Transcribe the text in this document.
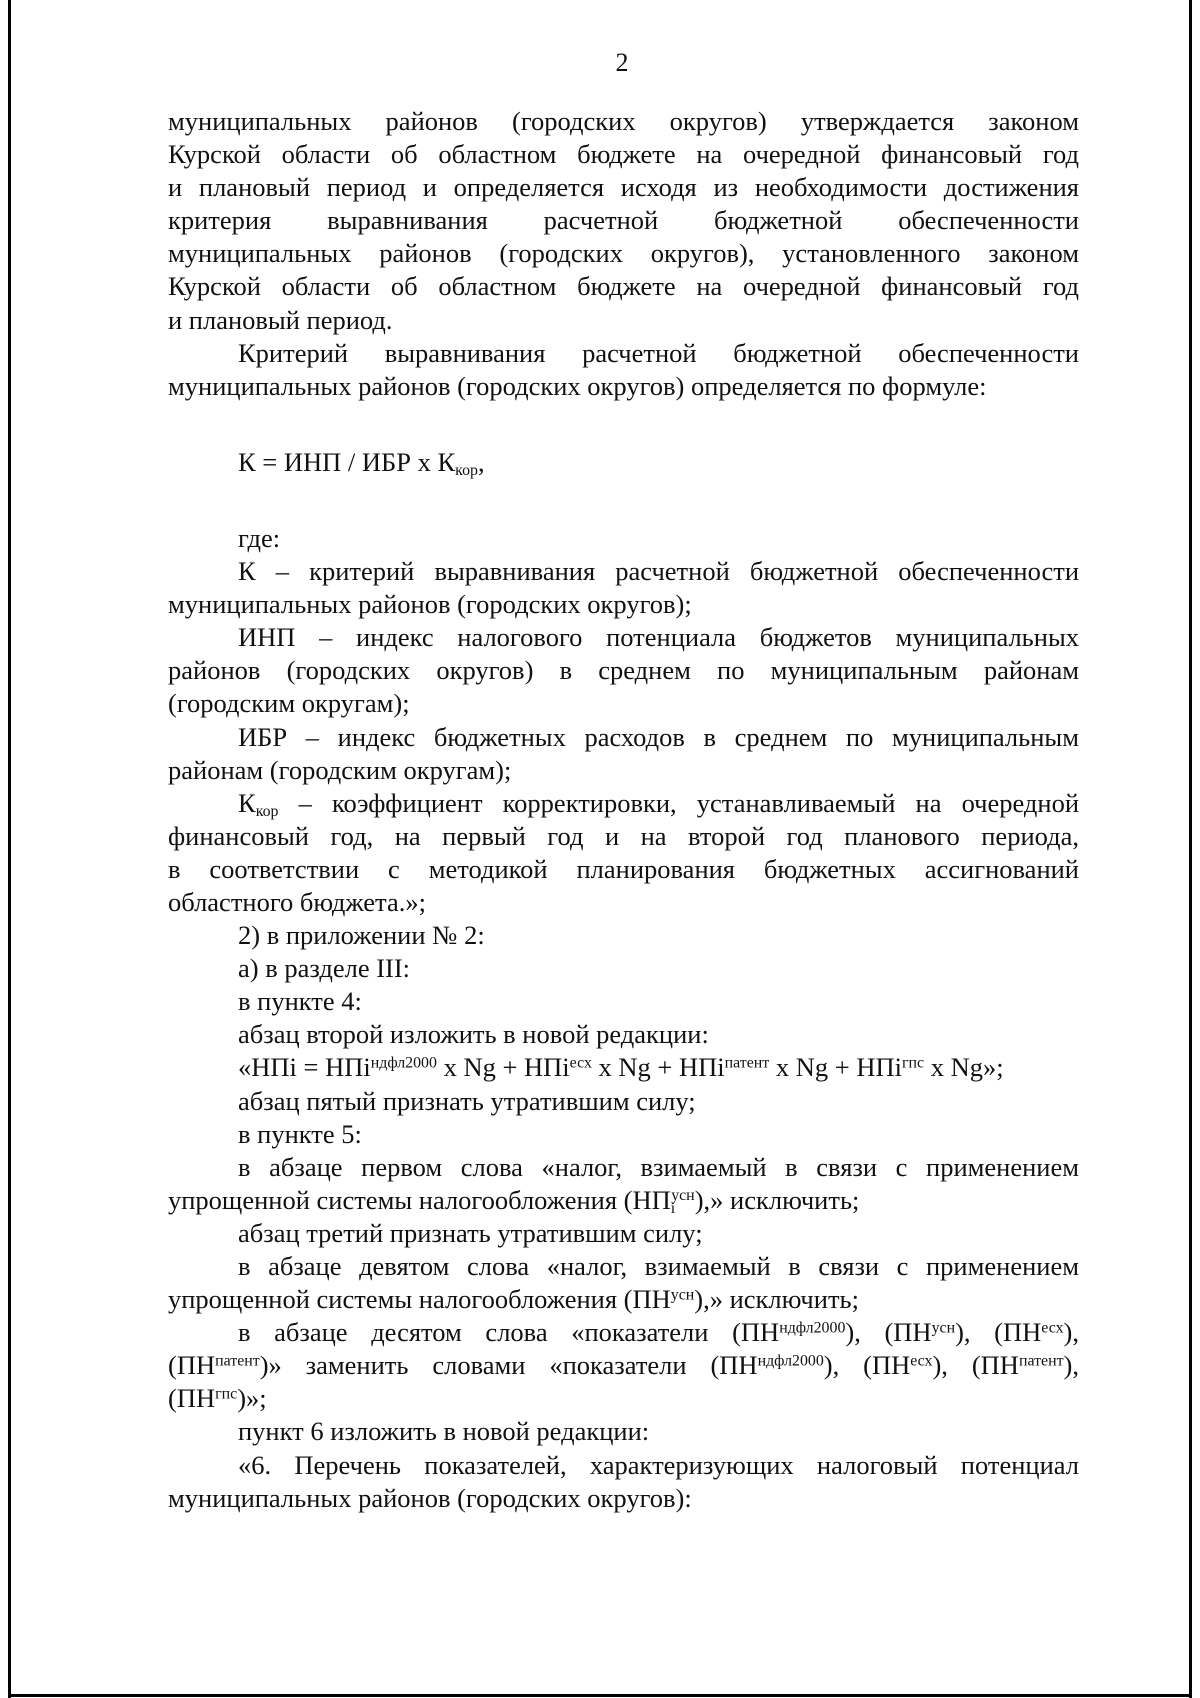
2

муниципальных районов (городских округов) утверждается законом

Курской области об областном бюджете на очередной финансовый год

и плановый период и определяется исходя из необходимости достижения

критерия выравнивания расчетной бюджетной обеспеченности

муниципальных районов (городских округов), установленного законом

Курской области об областном бюджете на очередной финансовый год

и плановый период.

Критерий выравнивания расчетной бюджетной обеспеченности

муниципальных районов (городских округов) определяется по формуле:

К = ИНП / ИБР х $К_{кор}$,

где:

К – критерий выравнивания расчетной бюджетной обеспеченности

муниципальных районов (городских округов);

ИНП – индекс налогового потенциала бюджетов муниципальных

районов (городских округов) в среднем по муниципальным районам

(городским округам);

ИБР – индекс бюджетных расходов в среднем по муниципальным

районам (городским округам);

$К_{кор}$ – коэффициент корректировки, устанавливаемый на очередной

финансовый год, на первый год и на второй год планового периода,

в соответствии с методикой планирования бюджетных ассигнований

областного бюджета.»;

2) в приложении № 2:

а) в разделе III:

в пункте 4:

абзац второй изложить в новой редакции:

«НПi = НПi$^{ндфл2000}$ х Ng + НПi$^{есх}$ х Ng + НПi$^{патент}$ х Ng + НПi$^{гпс}$ х Ng»;

абзац пятый признать утратившим силу;

в пункте 5:

в абзаце первом слова «налог, взимаемый в связи с применением

упрощенной системы налогообложения $(НП_i^{усн})$,» исключить;

абзац третий признать утратившим силу;

в абзаце девятом слова «налог, взимаемый в связи с применением

упрощенной системы налогообложения $(ПН^{усн})$,» исключить;

в абзаце десятом слова «показатели $(ПН^{ндфл2000})$, $(ПН^{усн})$, $(ПН^{есх})$,

$(ПН^{патент})$» заменить словами «показатели $(ПН^{ндфл2000})$, $(ПН^{есх})$, $(ПН^{патент})$,

$(ПН^{гпс})$»;

пункт 6 изложить в новой редакции:

«6. Перечень показателей, характеризующих налоговый потенциал

муниципальных районов (городских округов):
